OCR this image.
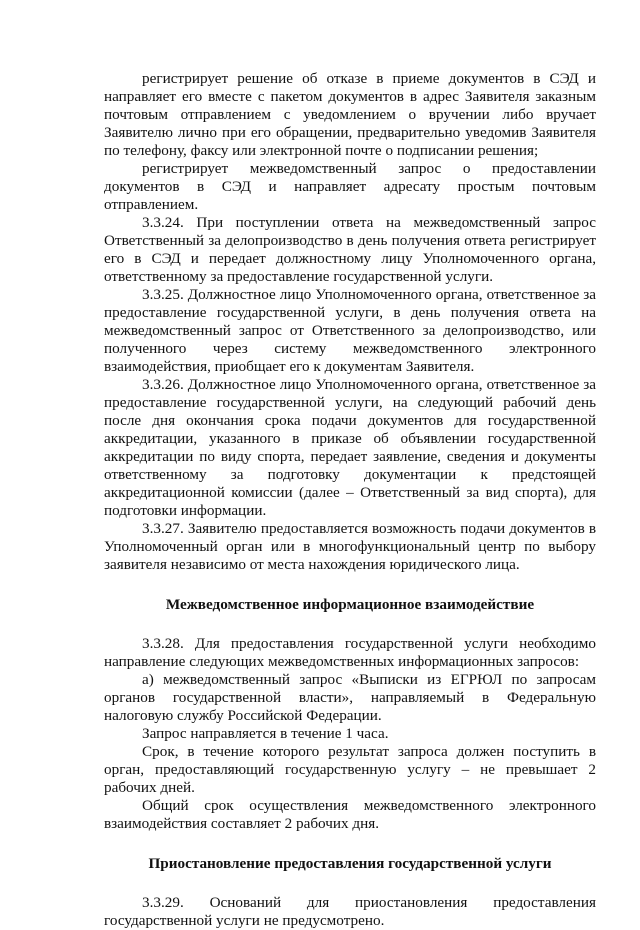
регистрирует решение об отказе в приеме документов в СЭД и направляет его вместе с пакетом документов в адрес Заявителя заказным почтовым отправлением с уведомлением о вручении либо вручает Заявителю лично при его обращении, предварительно уведомив Заявителя по телефону, факсу или электронной почте о подписании решения;

регистрирует межведомственный запрос о предоставлении документов в СЭД и направляет адресату простым почтовым отправлением.

3.3.24. При поступлении ответа на межведомственный запрос Ответственный за делопроизводство в день получения ответа регистрирует его в СЭД и передает должностному лицу Уполномоченного органа, ответственному за предоставление государственной услуги.

3.3.25. Должностное лицо Уполномоченного органа, ответственное за предоставление государственной услуги, в день получения ответа на межведомственный запрос от Ответственного за делопроизводство, или полученного через систему межведомственного электронного взаимодействия, приобщает его к документам Заявителя.

3.3.26. Должностное лицо Уполномоченного органа, ответственное за предоставление государственной услуги, на следующий рабочий день после дня окончания срока подачи документов для государственной аккредитации, указанного в приказе об объявлении государственной аккредитации по виду спорта, передает заявление, сведения и документы ответственному за подготовку документации к предстоящей аккредитационной комиссии (далее – Ответственный за вид спорта), для подготовки информации.

3.3.27. Заявителю предоставляется возможность подачи документов в Уполномоченный орган или в многофункциональный центр по выбору заявителя независимо от места нахождения юридического лица.

Межведомственное информационное взаимодействие

3.3.28. Для предоставления государственной услуги необходимо направление следующих межведомственных информационных запросов:

а) межведомственный запрос «Выписки из ЕГРЮЛ по запросам органов государственной власти», направляемый в Федеральную налоговую службу Российской Федерации.

Запрос направляется в течение 1 часа.

Срок, в течение которого результат запроса должен поступить в орган, предоставляющий государственную услугу – не превышает 2 рабочих дней.

Общий срок осуществления межведомственного электронного взаимодействия составляет 2 рабочих дня.

Приостановление предоставления государственной услуги

3.3.29. Оснований для приостановления предоставления государственной услуги не предусмотрено.
